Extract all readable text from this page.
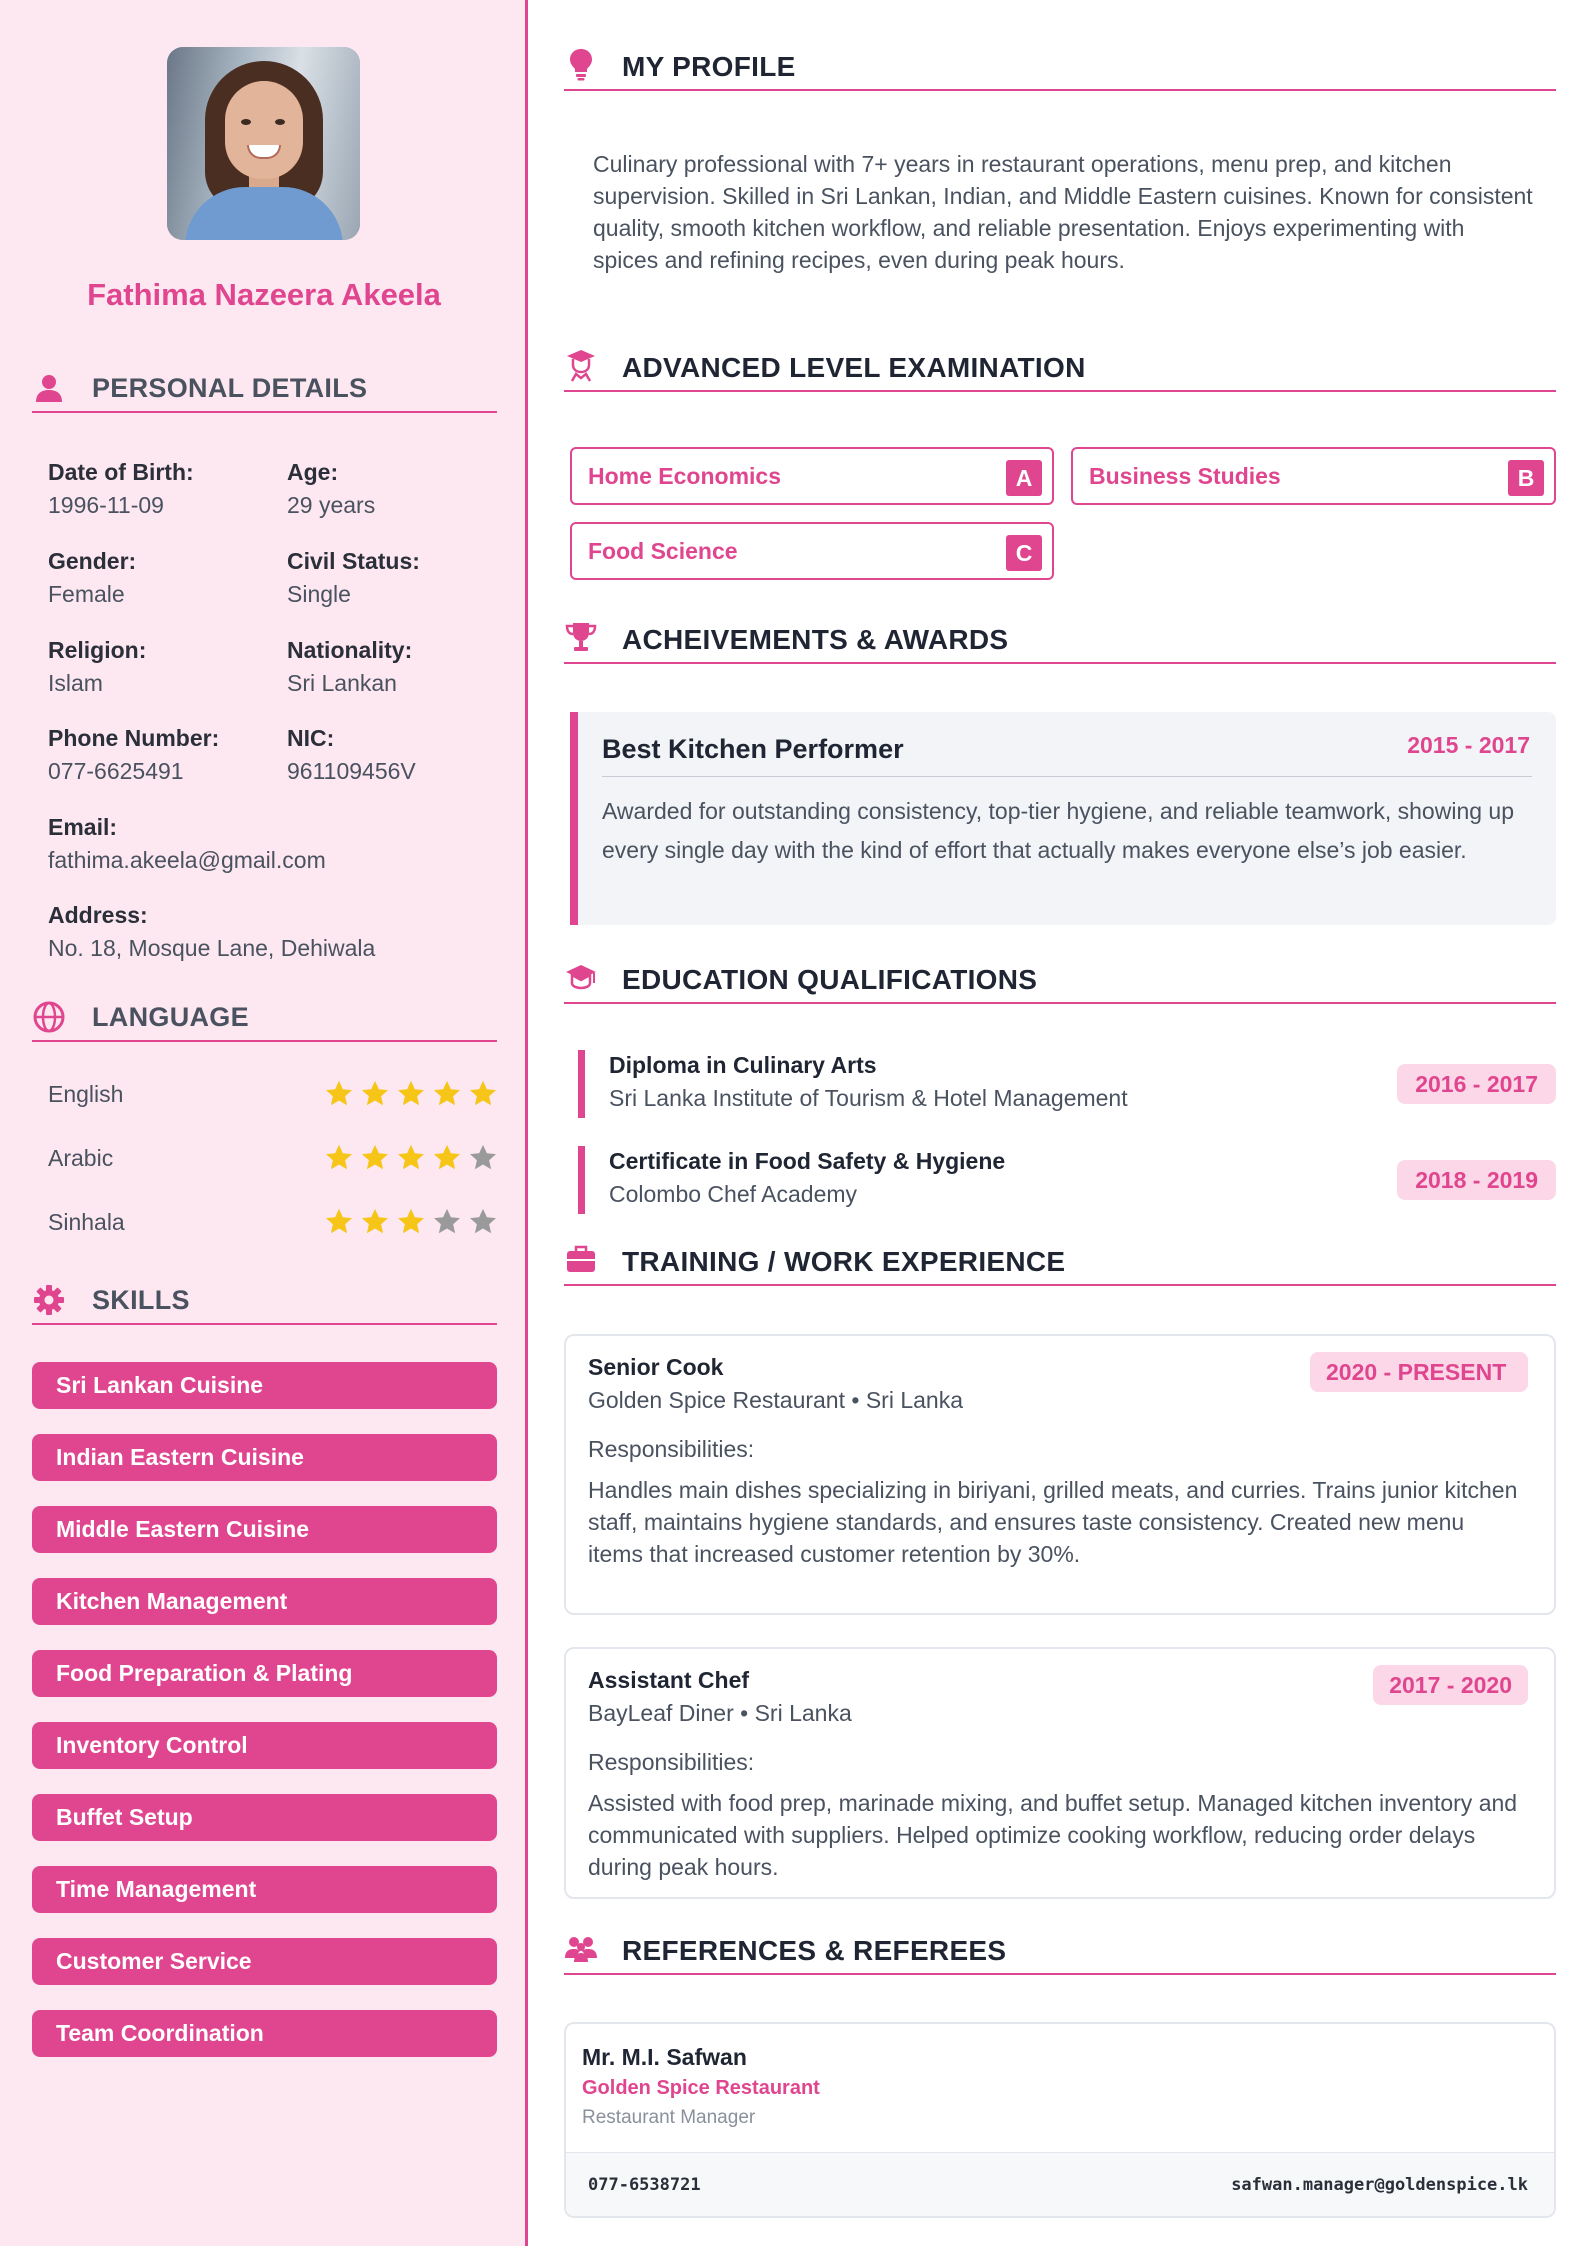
Fathima Nazeera Akeela
PERSONAL DETAILS
Date of Birth:
1996-11-09
Age:
29 years
Gender:
Female
Civil Status:
Single
Religion:
Islam
Nationality:
Sri Lankan
Phone Number:
077-6625491
NIC:
961109456V
Email:
fathima.akeela@gmail.com
Address:
No. 18, Mosque Lane, Dehiwala
LANGUAGE
English
Arabic
Sinhala
SKILLS
Sri Lankan Cuisine
Indian Eastern Cuisine
Middle Eastern Cuisine
Kitchen Management
Food Preparation & Plating
Inventory Control
Buffet Setup
Time Management
Customer Service
Team Coordination
MY PROFILE
Culinary professional with 7+ years in restaurant operations, menu prep, and kitchen supervision. Skilled in Sri Lankan, Indian, and Middle Eastern cuisines. Known for consistent quality, smooth kitchen workflow, and reliable presentation. Enjoys experimenting with spices and refining recipes, even during peak hours.
ADVANCED LEVEL EXAMINATION
Home Economics	A	Business Studies	B
Food Science	C
ACHEIVEMENTS & AWARDS
Best Kitchen Performer	2015 - 2017
Awarded for outstanding consistency, top-tier hygiene, and reliable teamwork, showing up every single day with the kind of effort that actually makes everyone else’s job easier.
EDUCATION QUALIFICATIONS
Diploma in Culinary Arts
Sri Lanka Institute of Tourism & Hotel Management
2016 - 2017
Certificate in Food Safety & Hygiene
Colombo Chef Academy
2018 - 2019
TRAINING / WORK EXPERIENCE
Senior Cook
Golden Spice Restaurant • Sri Lanka
2020 - PRESENT
Responsibilities:
Handles main dishes specializing in biriyani, grilled meats, and curries. Trains junior kitchen staff, maintains hygiene standards, and ensures taste consistency. Created new menu items that increased customer retention by 30%.
Assistant Chef
BayLeaf Diner • Sri Lanka
2017 - 2020
Responsibilities:
Assisted with food prep, marinade mixing, and buffet setup. Managed kitchen inventory and communicated with suppliers. Helped optimize cooking workflow, reducing order delays during peak hours.
REFERENCES & REFEREES
Mr. M.I. Safwan
Golden Spice Restaurant
Restaurant Manager
077-6538721	safwan.manager@goldenspice.lk
